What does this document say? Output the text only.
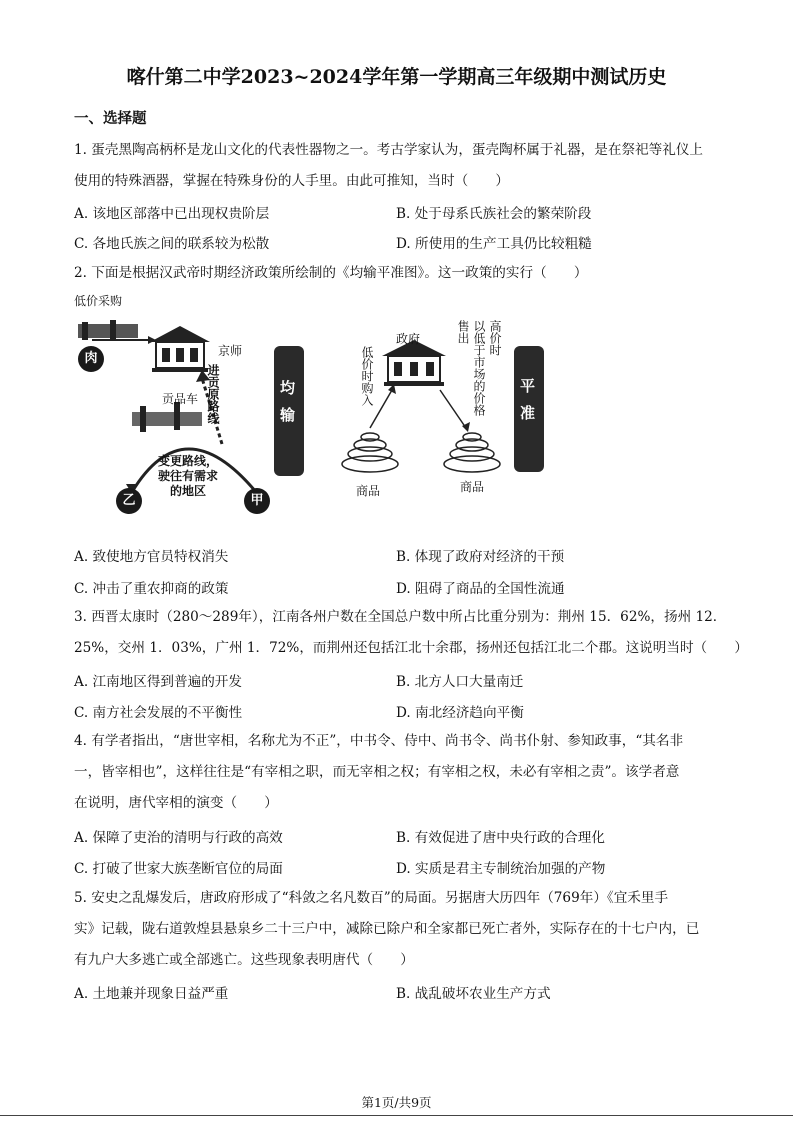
喀什第二中学2023~2024学年第一学期高三年级期中测试历史
一、选择题
1. 蛋壳黑陶高柄杯是龙山文化的代表性器物之一。考古学家认为，蛋壳陶杯属于礼器，是在祭祀等礼仪上
使用的特殊酒器，掌握在特殊身份的人手里。由此可推知，当时（　　）
A. 该地区部落中已出现权贵阶层	B. 处于母系氏族社会的繁荣阶段
C. 各地氏族之间的联系较为松散	D. 所使用的生产工具仍比较粗糙
2. 下面是根据汉武帝时期经济政策所绘制的《均输平准图》。这一政策的实行（　　）
低价采购
肉	京师
进贡原路线
贡品车
变更路线，
驶往有需求
的地区
乙	甲
均输
政府
低价时购入
售出 以低于市场的价格 高价时
商品	商品
平准
A. 致使地方官员特权消失	B. 体现了政府对经济的干预
C. 冲击了重农抑商的政策	D. 阻碍了商品的全国性流通
3. 西晋太康时（280～289年），江南各州户数在全国总户数中所占比重分别为：荆州 15．62%，扬州 12．
25%，交州 1．03%，广州 1．72%，而荆州还包括江北十余郡，扬州还包括江北二个郡。这说明当时（　　）
A. 江南地区得到普遍的开发	B. 北方人口大量南迁
C. 南方社会发展的不平衡性	D. 南北经济趋向平衡
4. 有学者指出，“唐世宰相，名称尤为不正”，中书令、侍中、尚书令、尚书仆射、参知政事，“其名非
一，皆宰相也”，这样往往是“有宰相之职，而无宰相之权；有宰相之权，未必有宰相之责”。该学者意
在说明，唐代宰相的演变（　　）
A. 保障了吏治的清明与行政的高效	B. 有效促进了唐中央行政的合理化
C. 打破了世家大族垄断官位的局面	D. 实质是君主专制统治加强的产物
5. 安史之乱爆发后，唐政府形成了“科敛之名凡数百”的局面。另据唐大历四年（769年）《宜禾里手
实》记载，陇右道敦煌县悬泉乡二十三户中，减除已除户和全家都已死亡者外，实际存在的十七户内，已
有九户大多逃亡或全部逃亡。这些现象表明唐代（　　）
A. 土地兼并现象日益严重	B. 战乱破坏农业生产方式
第1页/共9页
